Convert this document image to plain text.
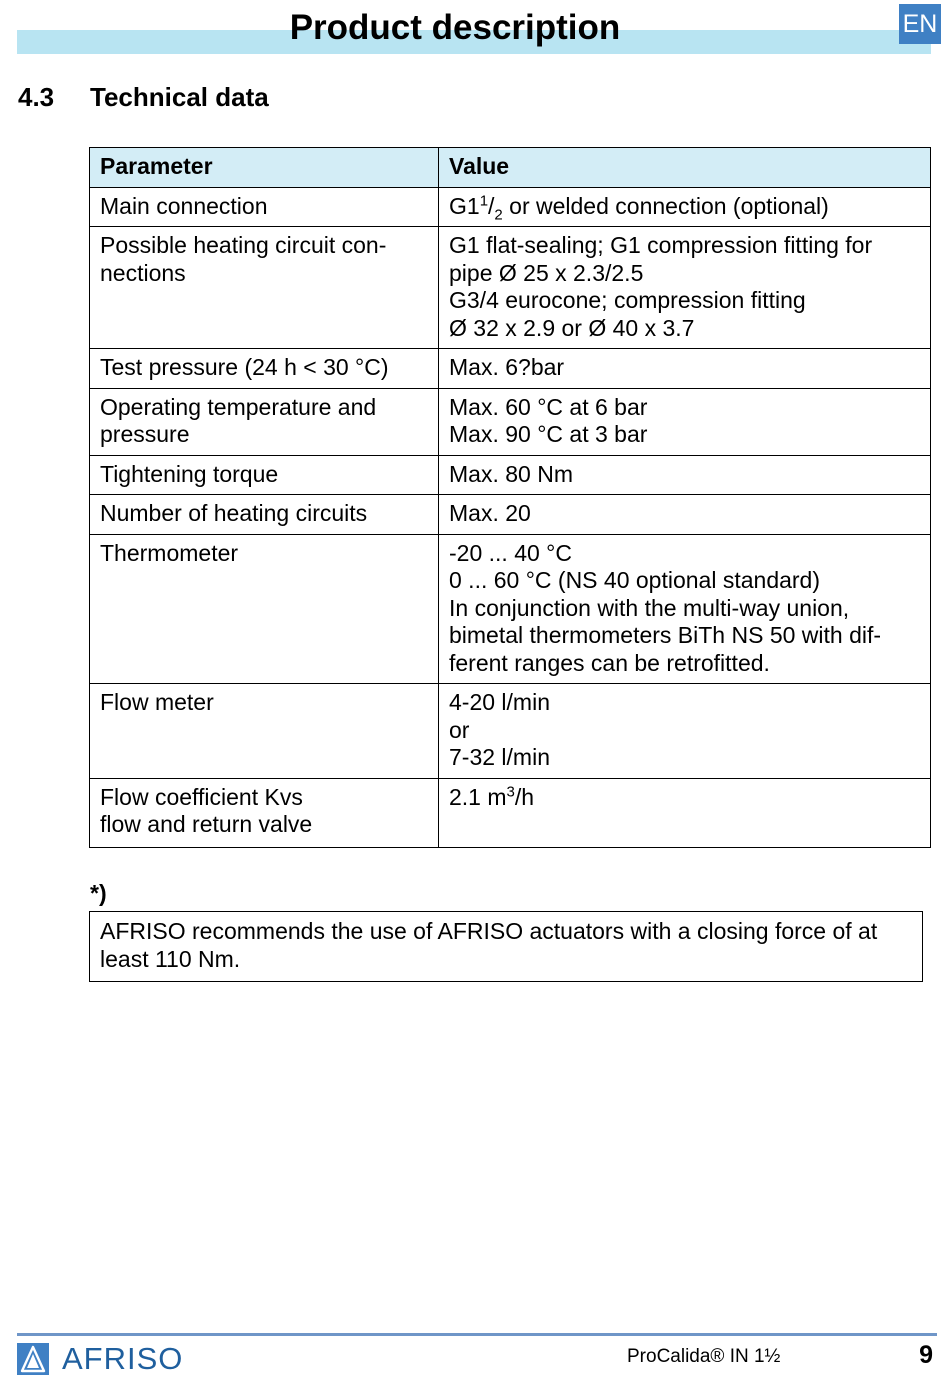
Product description	EN
4.3 Technical data
Parameter	Value

Main connection	$G1^1/_2$ or welded connection (optional)

Possible heating circuit con-
nections	G1 flat-sealing; G1 compression fitting for
pipe Ø 25 x 2.3/2.5
G3/4 eurocone; compression fitting
Ø 32 x 2.9 or Ø 40 x 3.7

Test pressure (24 h < 30 °C)	Max. 6?bar

Operating temperature and
pressure	Max. 60 °C at 6 bar
Max. 90 °C at 3 bar

Tightening torque	Max. 80 Nm

Number of heating circuits	Max. 20

Thermometer	-20 ... 40 °C
0 ... 60 °C (NS 40 optional standard)
In conjunction with the multi-way union,
bimetal thermometers BiTh NS 50 with dif-
ferent ranges can be retrofitted.

Flow meter	4-20 l/min
or
7-32 l/min

Flow coefficient Kvs
flow and return valve	2.1 $m^3/h$
*)
AFRISO recommends the use of AFRISO actuators with a closing force of at least 110 Nm.
AFRISO	ProCalida® IN 1½	9
